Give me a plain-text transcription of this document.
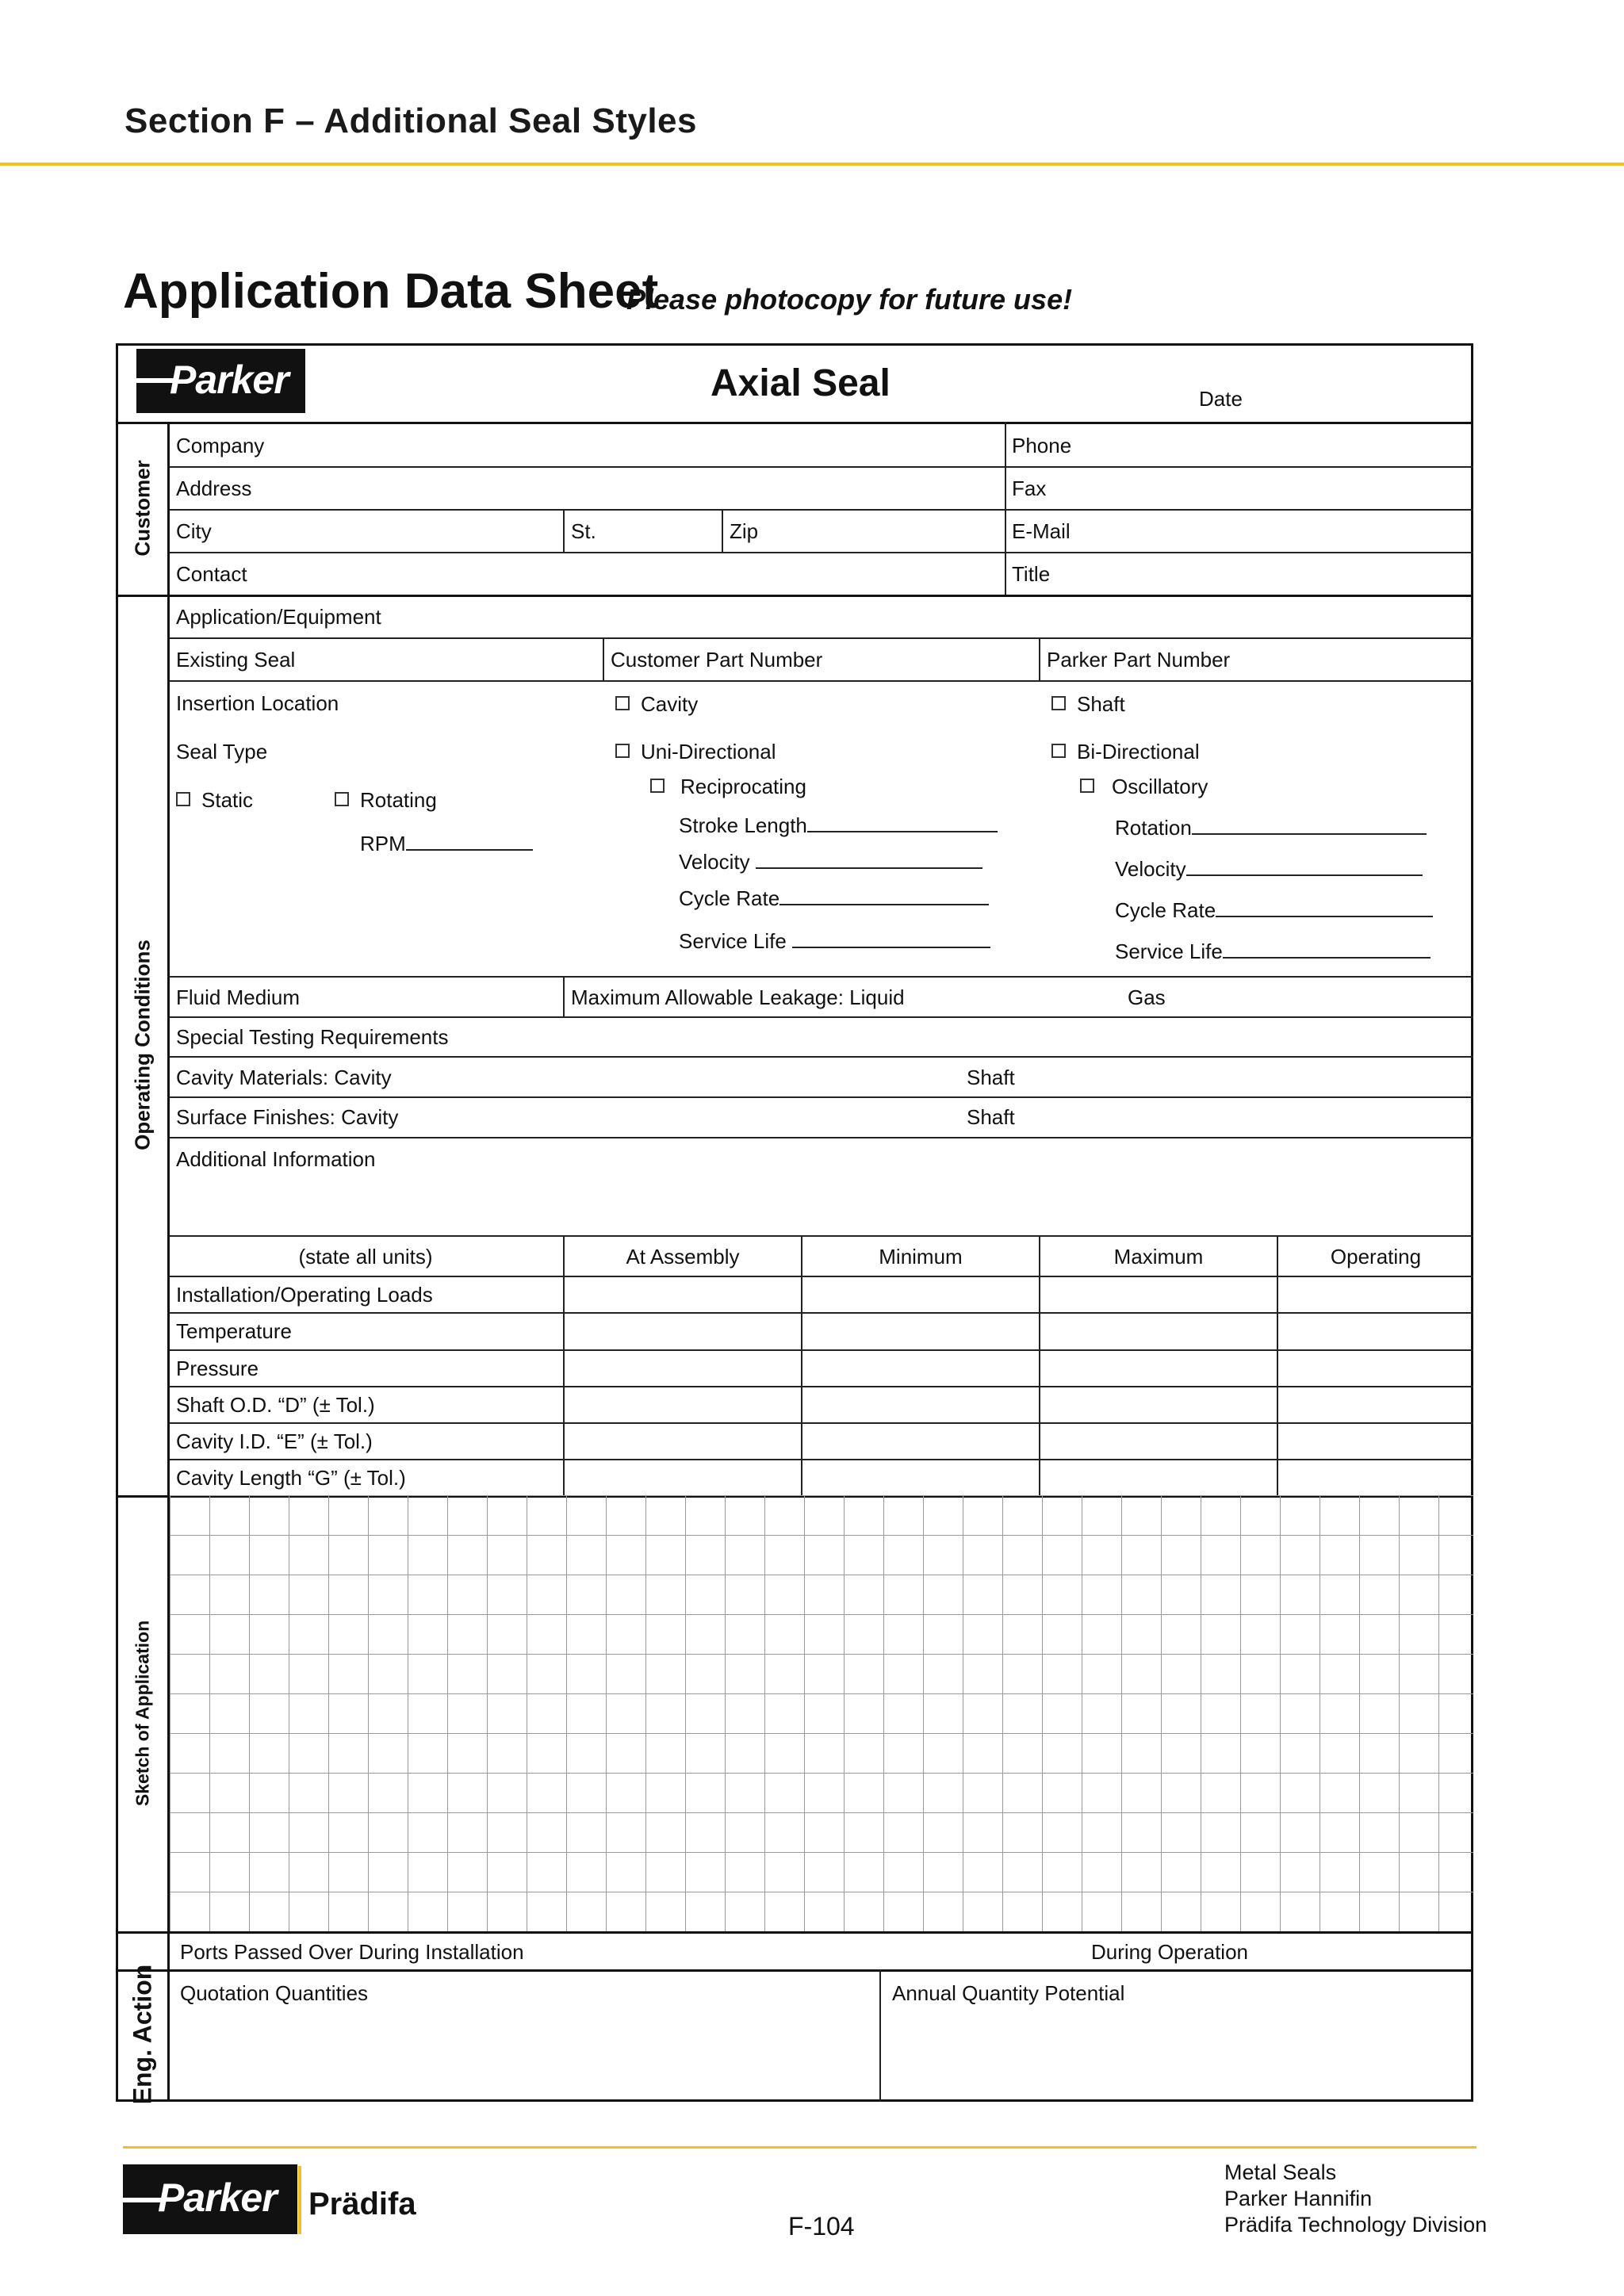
Section F – Additional Seal Styles
Application Data Sheet
Please photocopy for future use!
Parker	Axial Seal	Date
Customer
Company	Phone
Address	Fax
City	St.	Zip	E-Mail
Contact	Title
Operating Conditions
Application/Equipment
Existing Seal	Customer Part Number	Parker Part Number
Insertion Location	Cavity	Shaft
Seal Type	Uni-Directional	Bi-Directional
Static	Rotating
RPM
Reciprocating
Stroke Length
Velocity
Cycle Rate
Service Life
Oscillatory
Rotation
Velocity
Cycle Rate
Service Life
Fluid Medium	Maximum Allowable Leakage: Liquid	Gas
Special Testing Requirements
Cavity Materials: Cavity	Shaft
Surface Finishes: Cavity	Shaft
Additional Information
(state all units)	At Assembly	Minimum	Maximum	Operating
Installation/Operating Loads
Temperature
Pressure
Shaft O.D. “D” (± Tol.)
Cavity I.D. “E” (± Tol.)
Cavity Length “G” (± Tol.)
Sketch of Application
Ports Passed Over During Installation	During Operation
Eng. Action Quotation Quantities	Annual Quantity Potential
Parker Prädifa
F-104
Metal Seals
Parker Hannifin
Prädifa Technology Division
